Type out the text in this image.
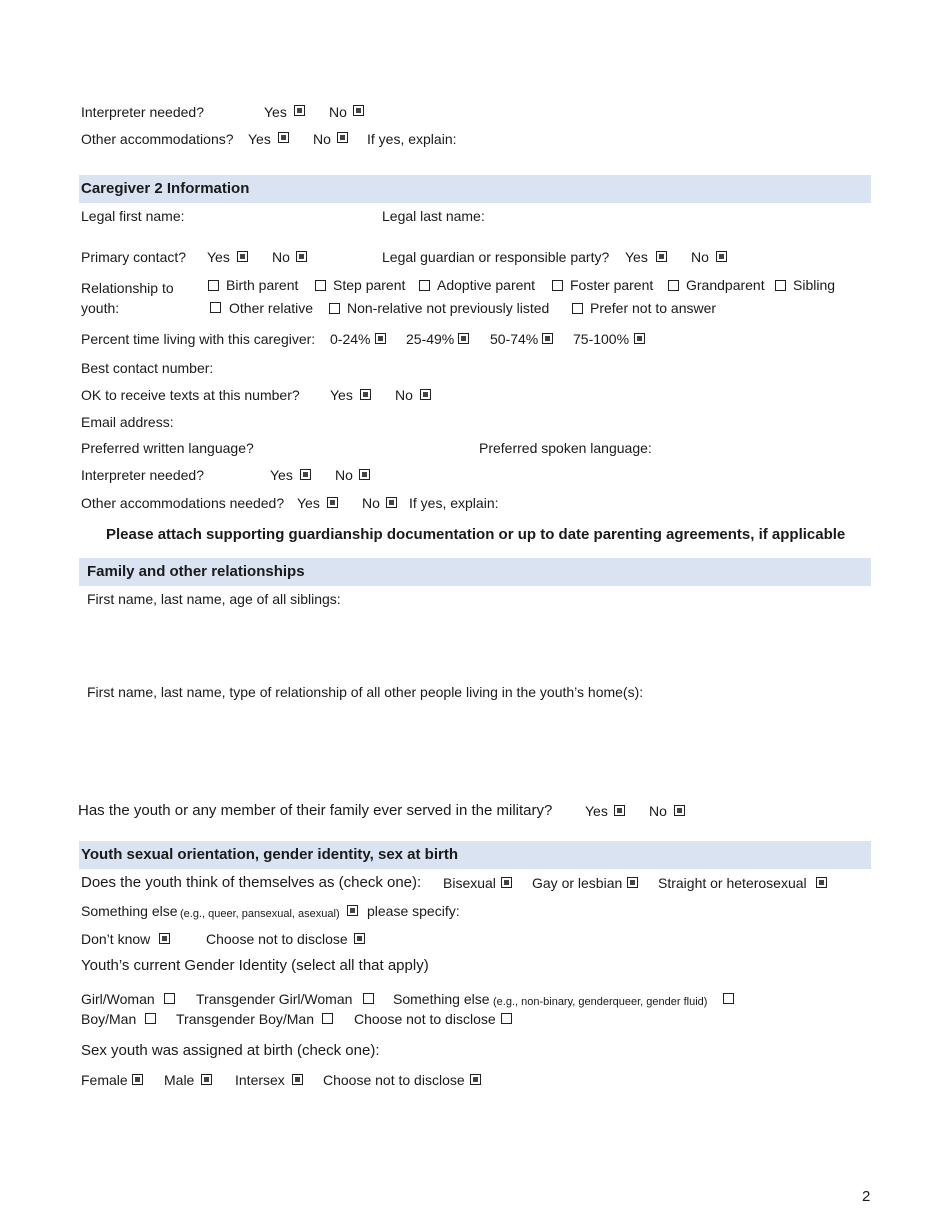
Interpreter needed?	Yes	No
Other accommodations? Yes	No	If yes, explain:
Caregiver 2 Information
Legal first name:	Legal last name:
Primary contact? Yes	No	Legal guardian or responsible party? Yes	No
Relationship to
youth:
Birth parent Step parent Adoptive parent Foster parent Grandparent Sibling
Other relative Non-relative not previously listed	Prefer not to answer
Percent time living with this caregiver: 0-24%	25-49%	50-74% 75-100%
Best contact number:
OK to receive texts at this number? Yes	No
Email address:
Preferred written language?	Preferred spoken language:
Interpreter needed?	Yes	No
Other accommodations needed? Yes	No If yes, explain:
Please attach supporting guardianship documentation or up to date parenting agreements, if applicable
Family and other relationships
First name, last name, age of all siblings:
First name, last name, type of relationship of all other people living in the youth’s home(s):
Has the youth or any member of their family ever served in the military? Yes	No
Youth sexual orientation, gender identity, sex at birth
Does the youth think of themselves as (check one): Bisexual	Gay or lesbian	Straight or heterosexual
Something else (e.g., queer, pansexual, asexual) please specify:
Don’t know	Choose not to disclose
Youth’s current Gender Identity (select all that apply)
Girl/Woman	Transgender Girl/Woman	Something else (e.g., non-binary, genderqueer, gender fluid)
Boy/Man	Transgender Boy/Man	Choose not to disclose
Sex youth was assigned at birth (check one):
Female	Male	Intersex	Choose not to disclose
2
